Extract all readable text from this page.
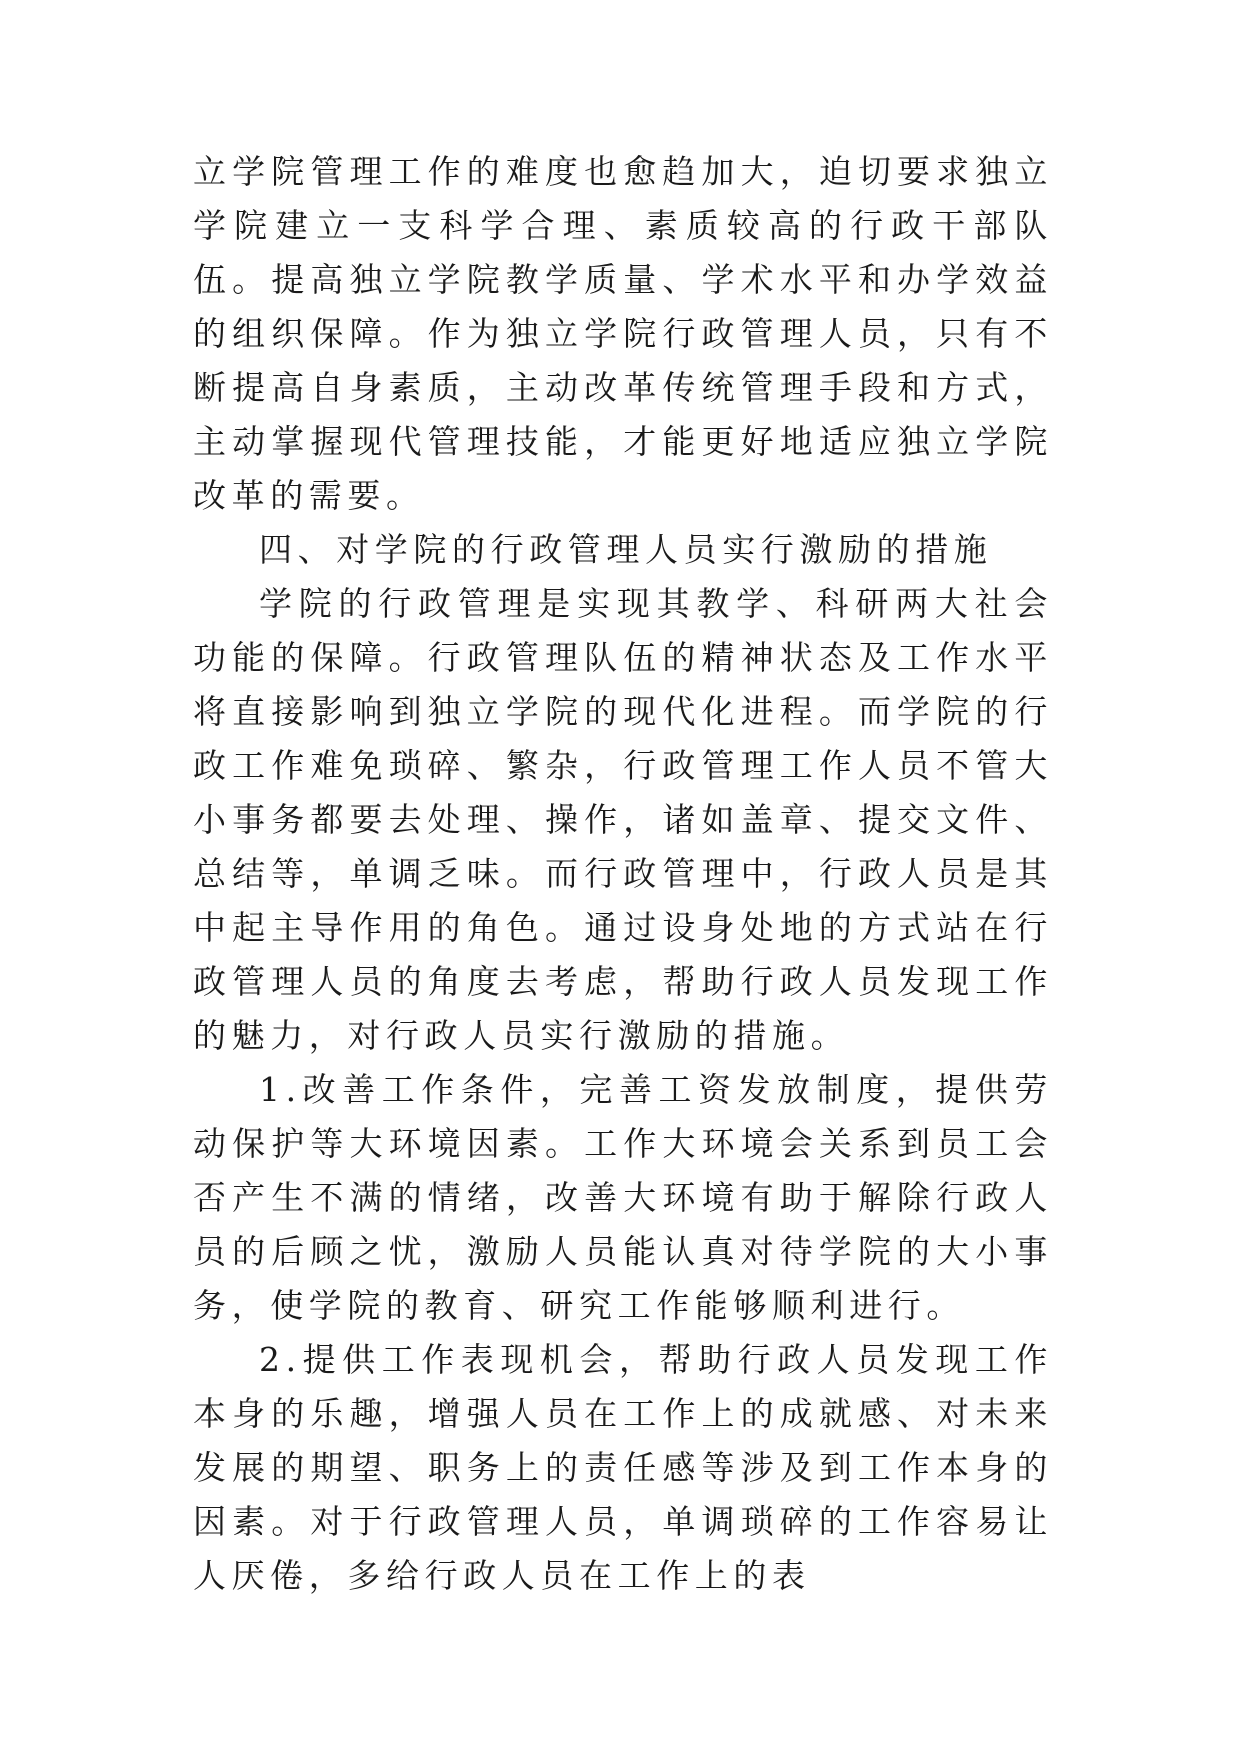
立学院管理工作的难度也愈趋加大，迫切要求独立学院建立一支科学合理、素质较高的行政干部队伍。提高独立学院教学质量、学术水平和办学效益的组织保障。作为独立学院行政管理人员，只有不断提高自身素质，主动改革传统管理手段和方式，主动掌握现代管理技能，才能更好地适应独立学院改革的需要。

四、对学院的行政管理人员实行激励的措施

学院的行政管理是实现其教学、科研两大社会功能的保障。行政管理队伍的精神状态及工作水平将直接影响到独立学院的现代化进程。而学院的行政工作难免琐碎、繁杂，行政管理工作人员不管大小事务都要去处理、操作，诸如盖章、提交文件、总结等，单调乏味。而行政管理中，行政人员是其中起主导作用的角色。通过设身处地的方式站在行政管理人员的角度去考虑，帮助行政人员发现工作的魅力，对行政人员实行激励的措施。

1.改善工作条件，完善工资发放制度，提供劳动保护等大环境因素。工作大环境会关系到员工会否产生不满的情绪，改善大环境有助于解除行政人员的后顾之忧，激励人员能认真对待学院的大小事务，使学院的教育、研究工作能够顺利进行。

2.提供工作表现机会，帮助行政人员发现工作本身的乐趣，增强人员在工作上的成就感、对未来发展的期望、职务上的责任感等涉及到工作本身的因素。对于行政管理人员，单调琐碎的工作容易让人厌倦，多给行政人员在工作上的表
